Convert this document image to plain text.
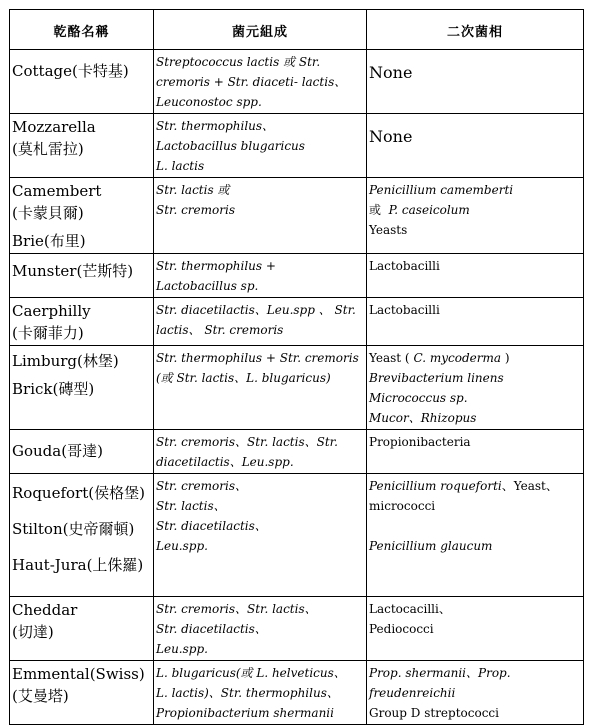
乾酪名稱	菌元組成	二次菌相

Cottage(卡特基)	Streptococcus lactis 或 Str.
cremoris + Str. diaceti- lactis、
Leuconostoc spp.	None

Mozzarella
(莫札雷拉)	Str. thermophilus、
Lactobacillus blugaricus
L. lactis	None

Camembert
(卡蒙貝爾)
Brie(布里)	Str. lactis 或
Str. cremoris	Penicillium camemberti
或 P. caseicolum
Yeasts

Munster(芒斯特)	Str. thermophilus +
Lactobacillus sp.	Lactobacilli

Caerphilly
(卡爾菲力)	Str. diacetilactis、Leu.spp 、 Str.
lactis、 Str. cremoris	Lactobacilli

Limburg(林堡)
Brick(磚型)	Str. thermophilus + Str. cremoris
(或 Str. lactis、L. blugaricus)	Yeast ( C. mycoderma )
Brevibacterium linens
Micrococcus sp.
Mucor、Rhizopus

Gouda(哥達)	Str. cremoris、Str. lactis、Str.
diacetilactis、Leu.spp.	Propionibacteria

Roquefort(侯格堡)
Stilton(史帝爾頓)
Haut-Jura(上侏羅)	Str. cremoris、
Str. lactis、
Str. diacetilactis、
Leu.spp.	Penicillium roqueforti、Yeast、
micrococci
Penicillium glaucum

Cheddar
(切達)	Str. cremoris、Str. lactis、
Str. diacetilactis、
Leu.spp.	Lactocacilli、
Pediococci

Emmental(Swiss)
(艾曼塔)	L. blugaricus(或 L. helveticus、
L. lactis)、Str. thermophilus、
Propionibacterium shermanii	Prop. shermanii、Prop.
freudenreichii
Group D streptococci
